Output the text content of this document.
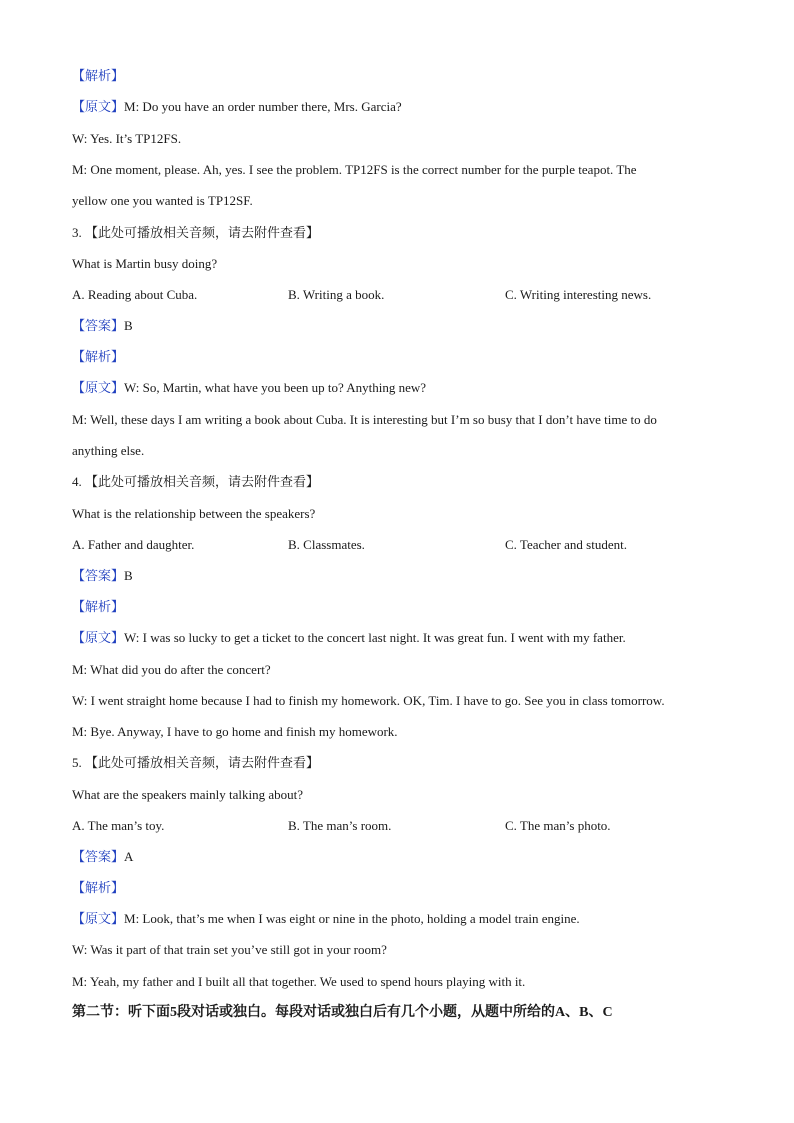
【解析】
【原文】M: Do you have an order number there, Mrs. Garcia?
W: Yes. It’s TP12FS.
M: One moment, please. Ah, yes. I see the problem. TP12FS is the correct number for the purple teapot. The
yellow one you wanted is TP12SF.
3. 【此处可播放相关音频，请去附件查看】
What is Martin busy doing?
A. Reading about Cuba.	B. Writing a book.	C. Writing interesting news.
【答案】B
【解析】
【原文】W: So, Martin, what have you been up to? Anything new?
M: Well, these days I am writing a book about Cuba. It is interesting but I’m so busy that I don’t have time to do
anything else.
4. 【此处可播放相关音频，请去附件查看】
What is the relationship between the speakers?
A. Father and daughter.	B. Classmates.	C. Teacher and student.
【答案】B
【解析】
【原文】W: I was so lucky to get a ticket to the concert last night. It was great fun. I went with my father.
M: What did you do after the concert?
W: I went straight home because I had to finish my homework. OK, Tim. I have to go. See you in class tomorrow.
M: Bye. Anyway, I have to go home and finish my homework.
5. 【此处可播放相关音频，请去附件查看】
What are the speakers mainly talking about?
A. The man’s toy.	B. The man’s room.	C. The man’s photo.
【答案】A
【解析】
【原文】M: Look, that’s me when I was eight or nine in the photo, holding a model train engine.
W: Was it part of that train set you’ve still got in your room?
M: Yeah, my father and I built all that together. We used to spend hours playing with it.
第二节：听下面5段对话或独白。每段对话或独白后有几个小题，从题中所给的A、B、C
